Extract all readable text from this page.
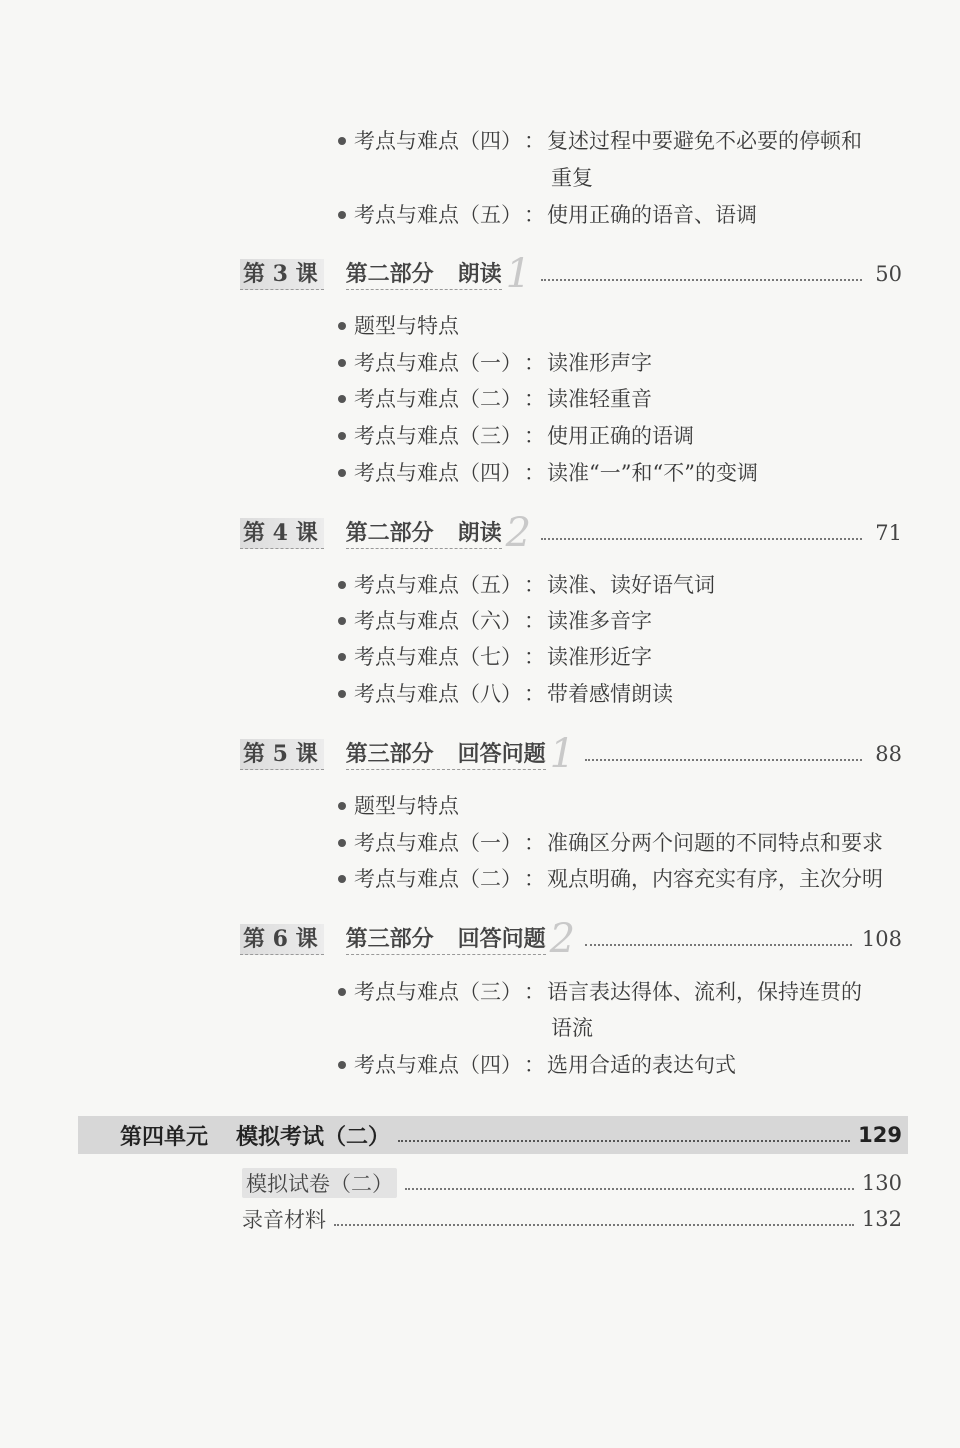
考点与难点（四）：复述过程中要避免不必要的停顿和
重复
考点与难点（五）：使用正确的语音、语调
第 3 课 第二部分 朗读 1	50
题型与特点
考点与难点（一）：读准形声字
考点与难点（二）：读准轻重音
考点与难点（三）：使用正确的语调
考点与难点（四）：读准“一”和“不”的变调
第 4 课 第二部分 朗读 2	71
考点与难点（五）：读准、读好语气词
考点与难点（六）：读准多音字
考点与难点（七）：读准形近字
考点与难点（八）：带着感情朗读
第 5 课 第三部分 回答问题 1	88
题型与特点
考点与难点（一）：准确区分两个问题的不同特点和要求
考点与难点（二）：观点明确，内容充实有序，主次分明
第 6 课 第三部分 回答问题 2	108
考点与难点（三）：语言表达得体、流利，保持连贯的
语流
考点与难点（四）：选用合适的表达句式
第四单元 模拟考试（二）	129
模拟试卷（二）	130
录音材料	132
